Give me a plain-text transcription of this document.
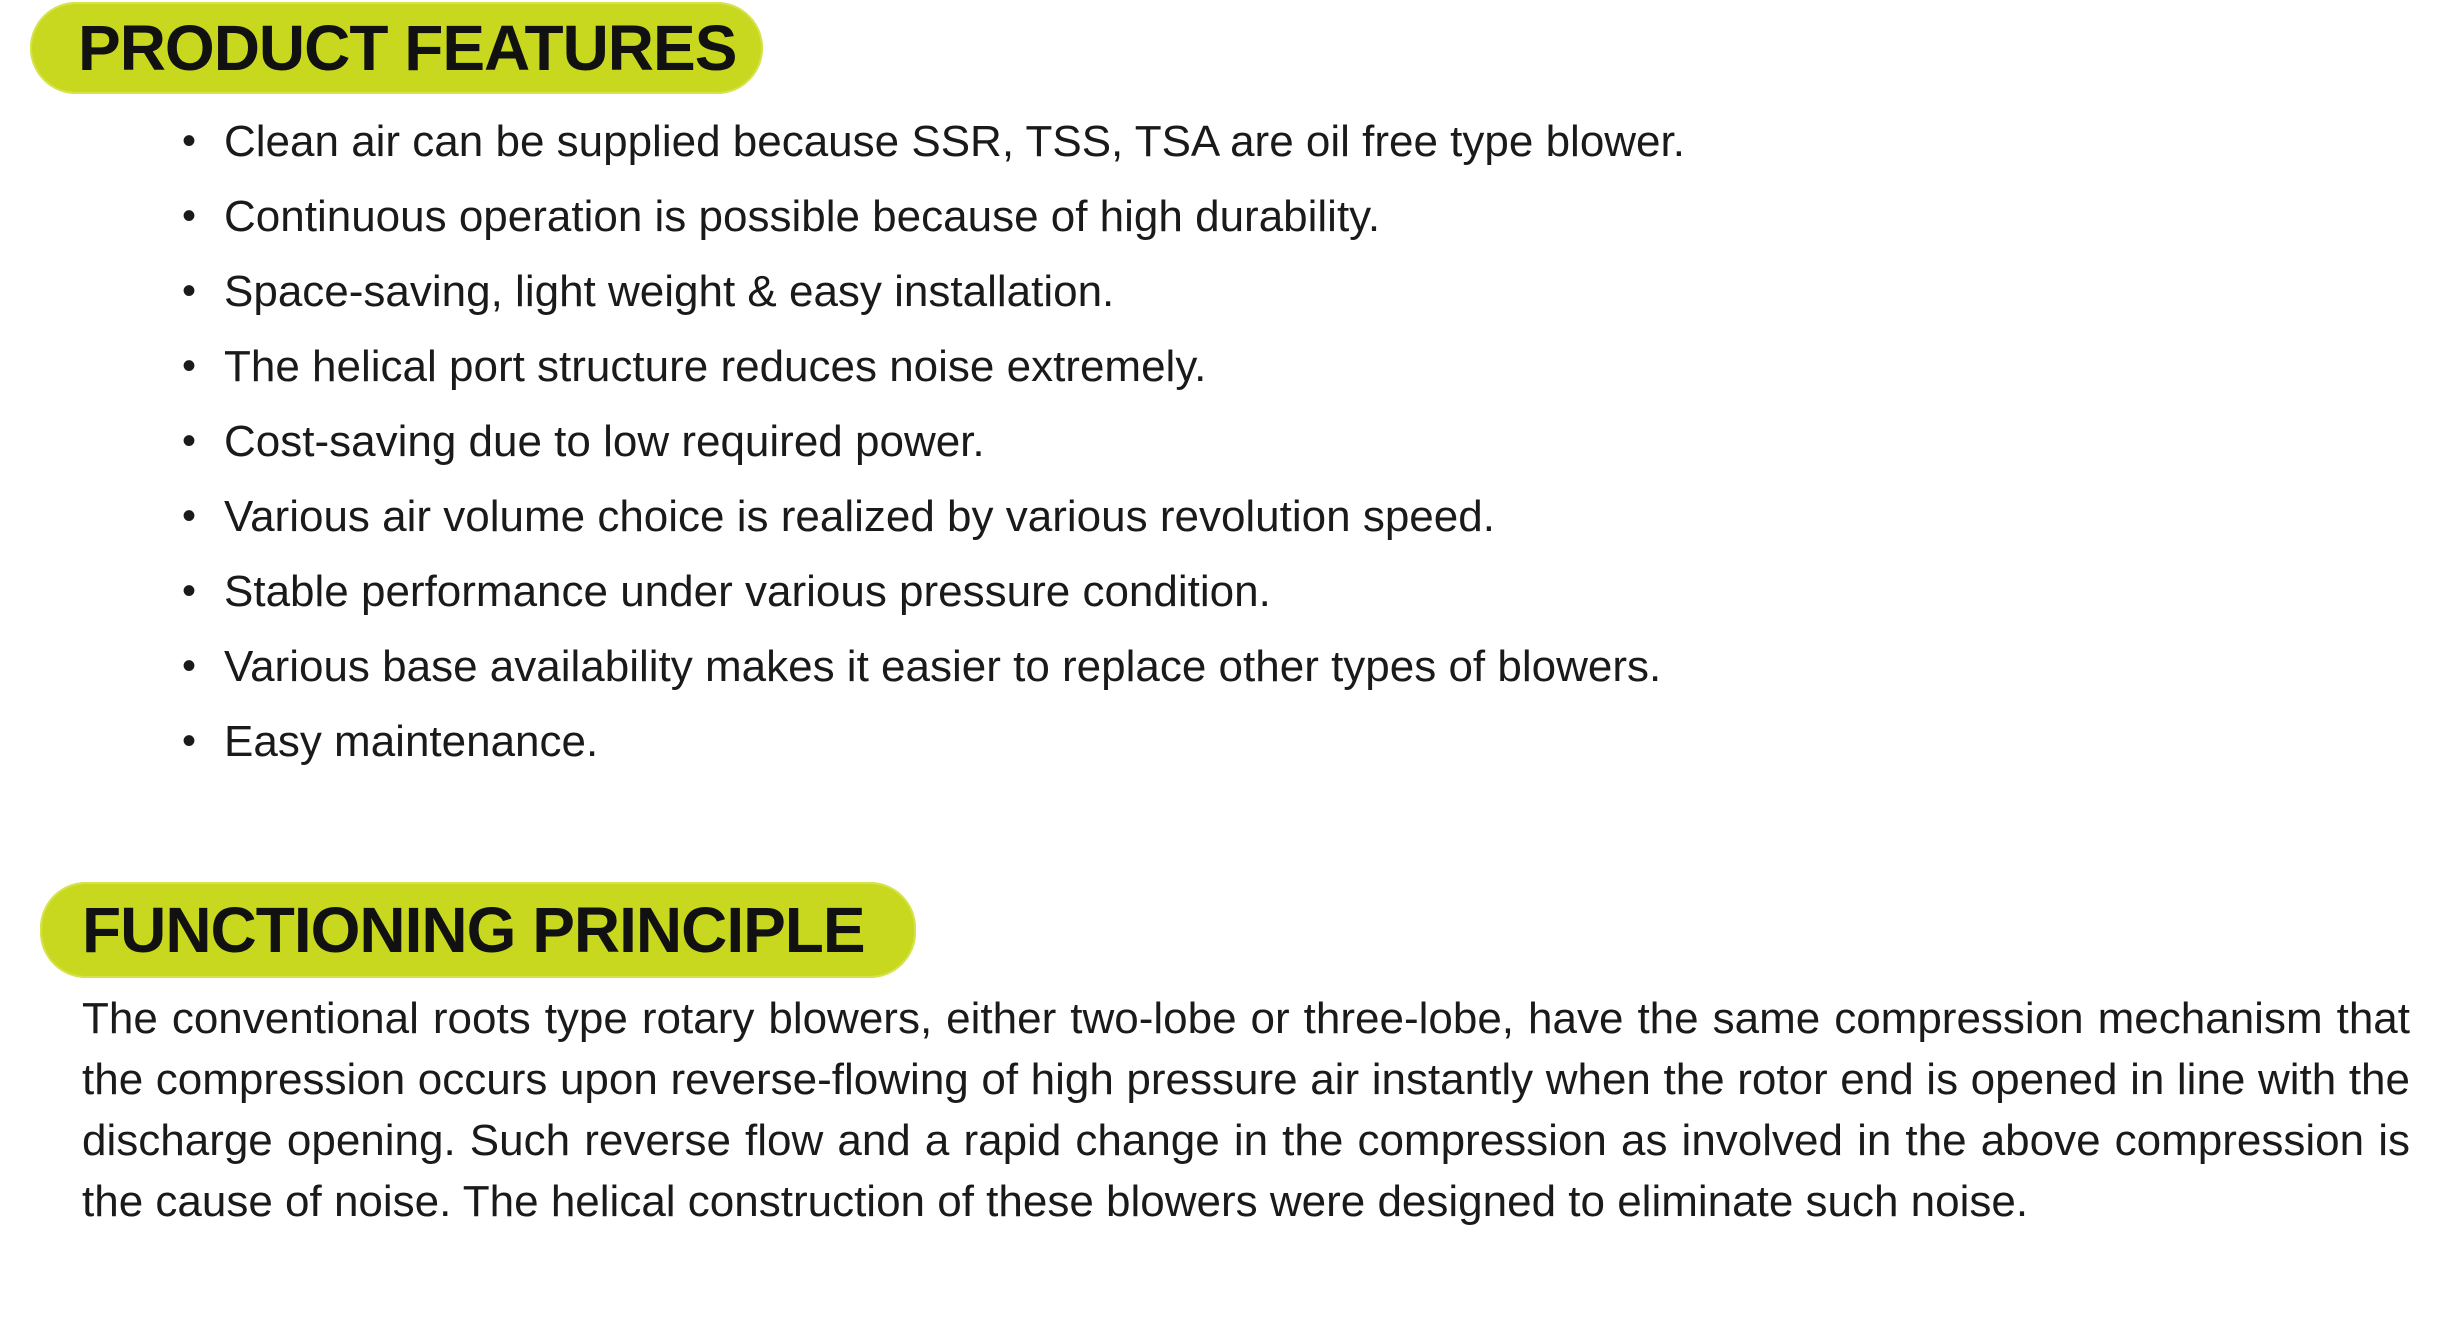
PRODUCT FEATURES
• Clean air can be supplied because SSR, TSS, TSA are oil free type blower.
• Continuous operation is possible because of high durability.
• Space-saving, light weight & easy installation.
• The helical port structure reduces noise extremely.
• Cost-saving due to low required power.
• Various air volume choice is realized by various revolution speed.
• Stable performance under various pressure condition.
• Various base availability makes it easier to replace other types of blowers.
• Easy maintenance.
FUNCTIONING PRINCIPLE

The conventional roots type rotary blowers, either two-lobe or three-lobe, have the same compression mechanism that the compression occurs upon reverse-flowing of high pressure air instantly when the rotor end is opened in line with the discharge opening. Such reverse flow and a rapid change in the compression as involved in the above compression is the cause of noise. The helical construction of these blowers were designed to eliminate such noise.
